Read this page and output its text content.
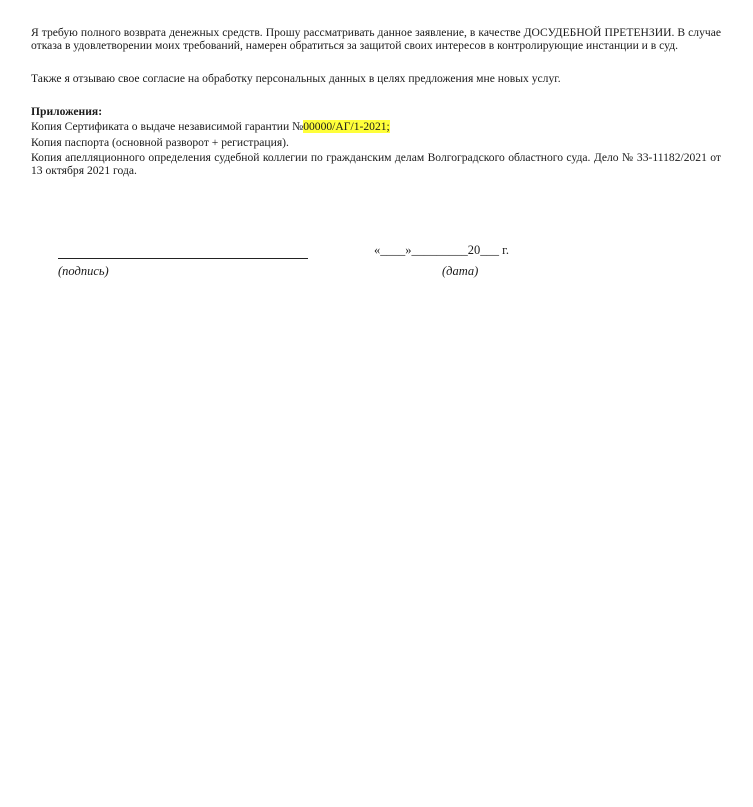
Я требую полного возврата денежных средств. Прошу рассматривать данное заявление, в качестве ДОСУДЕБНОЙ ПРЕТЕНЗИИ. В случае отказа в удовлетворении моих требований, намерен обратиться за защитой своих интересов в контролирующие инстанции и в суд.

Также я отзываю свое согласие на обработку персональных данных в целях предложения мне новых услуг.

Приложения:

Копия Сертификата о выдаче независимой гарантии №00000/АГ/1-2021;

Копия паспорта (основной разворот + регистрация).

Копия апелляционного определения судебной коллегии по гражданским делам Волгоградского областного суда. Дело № 33-11182/2021 от 13 октября 2021 года.

(подпись)
«____»_________20___ г.
(дата)
